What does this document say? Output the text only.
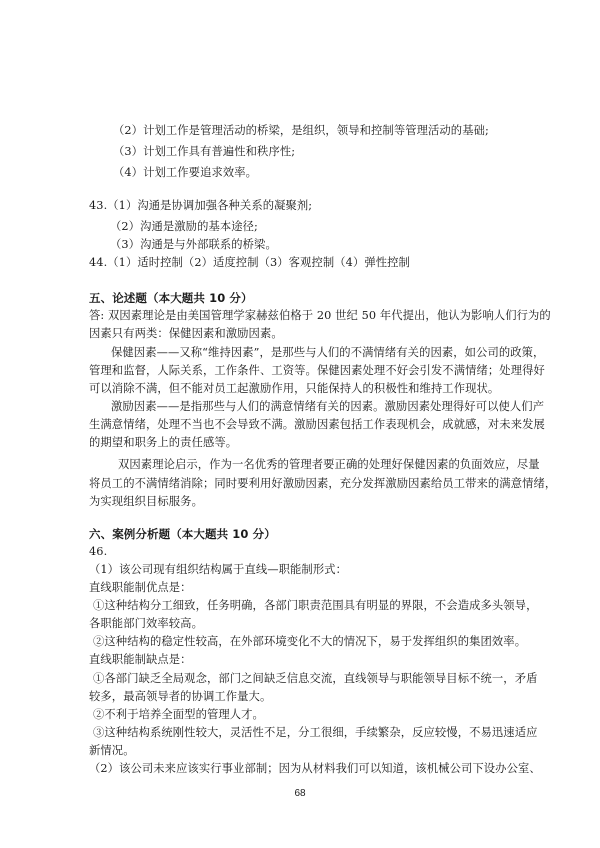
（2）计划工作是管理活动的桥梁，是组织，领导和控制等管理活动的基础;
（3）计划工作具有普遍性和秩序性;
（4）计划工作要追求效率。
43.（1）沟通是协调加强各种关系的凝聚剂;
（2）沟通是激励的基本途径;
（3）沟通是与外部联系的桥梁。
44.（1）适时控制（2）适度控制（3）客观控制（4）弹性控制
五、论述题（本大题共 10 分）
答: 双因素理论是由美国管理学家赫兹伯格于 20 世纪 50 年代提出，他认为影响人们行为的
因素只有两类：保健因素和激励因素。
保健因素——又称“维持因素”，是那些与人们的不满情绪有关的因素，如公司的政策，
管理和监督，人际关系，工作条件、工资等。保健因素处理不好会引发不满情绪；处理得好
可以消除不满，但不能对员工起激励作用，只能保持人的积极性和维持工作现状。
激励因素——是指那些与人们的满意情绪有关的因素。激励因素处理得好可以使人们产
生满意情绪，处理不当也不会导致不满。激励因素包括工作表现机会，成就感，对未来发展
的期望和职务上的责任感等。
双因素理论启示，作为一名优秀的管理者要正确的处理好保健因素的负面效应，尽量
将员工的不满情绪消除；同时要利用好激励因素，充分发挥激励因素给员工带来的满意情绪，
为实现组织目标服务。
六、案例分析题（本大题共 10 分）
46.
（1）该公司现有组织结构属于直线—职能制形式：
直线职能制优点是：
①这种结构分工细致，任务明确，各部门职责范围具有明显的界限，不会造成多头领导，
各职能部门效率较高。
②这种结构的稳定性较高，在外部环境变化不大的情况下，易于发挥组织的集团效率。
直线职能制缺点是：
①各部门缺乏全局观念，部门之间缺乏信息交流，直线领导与职能领导目标不统一，矛盾
较多，最高领导者的协调工作量大。
②不利于培养全面型的管理人才。
③这种结构系统刚性较大，灵活性不足，分工很细，手续繁杂，反应较慢，不易迅速适应
新情况。
（2）该公司未来应该实行事业部制；因为从材料我们可以知道，该机械公司下设办公室、
68
